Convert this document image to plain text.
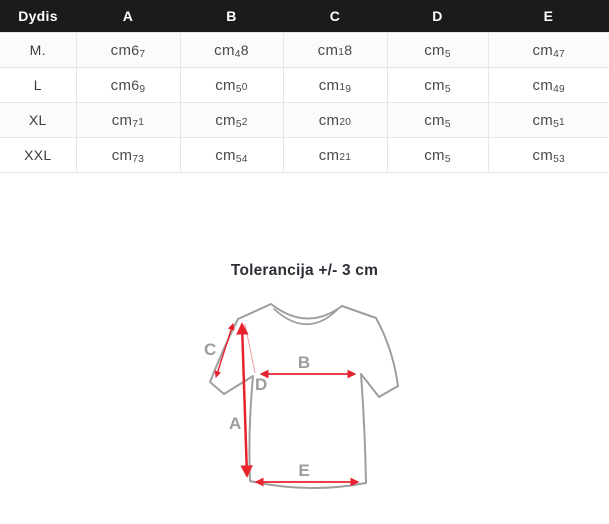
Dydis	A	B	C	D	E
M.	cm67	cm48	cm18	cm5	cm47
L	cm69	cm50	cm19	cm5	cm49
XL	cm71	cm52	cm20	cm5	cm51
XXL	cm73	cm54	cm21	cm5	cm53
Tolerancija +/- 3 cm
C
B
D
A
E
